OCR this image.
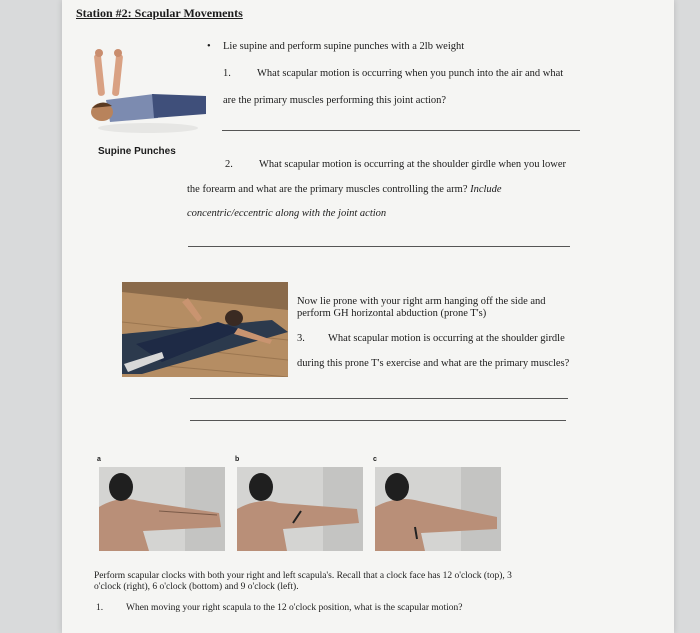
Station #2: Scapular Movements
• Lie supine and perform supine punches with a 2lb weight
1. What scapular motion is occurring when you punch into the air and what
are the primary muscles performing this joint action?
Supine Punches
2. What scapular motion is occurring at the shoulder girdle when you lower
the forearm and what are the primary muscles controlling the arm? Include
concentric/eccentric along with the joint action
Now lie prone with your right arm hanging off the side and
perform GH horizontal abduction (prone T's)
3. What scapular motion is occurring at the shoulder girdle
during this prone T's exercise and what are the primary muscles?
a	b	c
Perform scapular clocks with both your right and left scapula's. Recall that a clock face has 12 o'clock (top), 3
o'clock (right), 6 o'clock (bottom) and 9 o'clock (left).
1. When moving your right scapula to the 12 o'clock position, what is the scapular motion?
